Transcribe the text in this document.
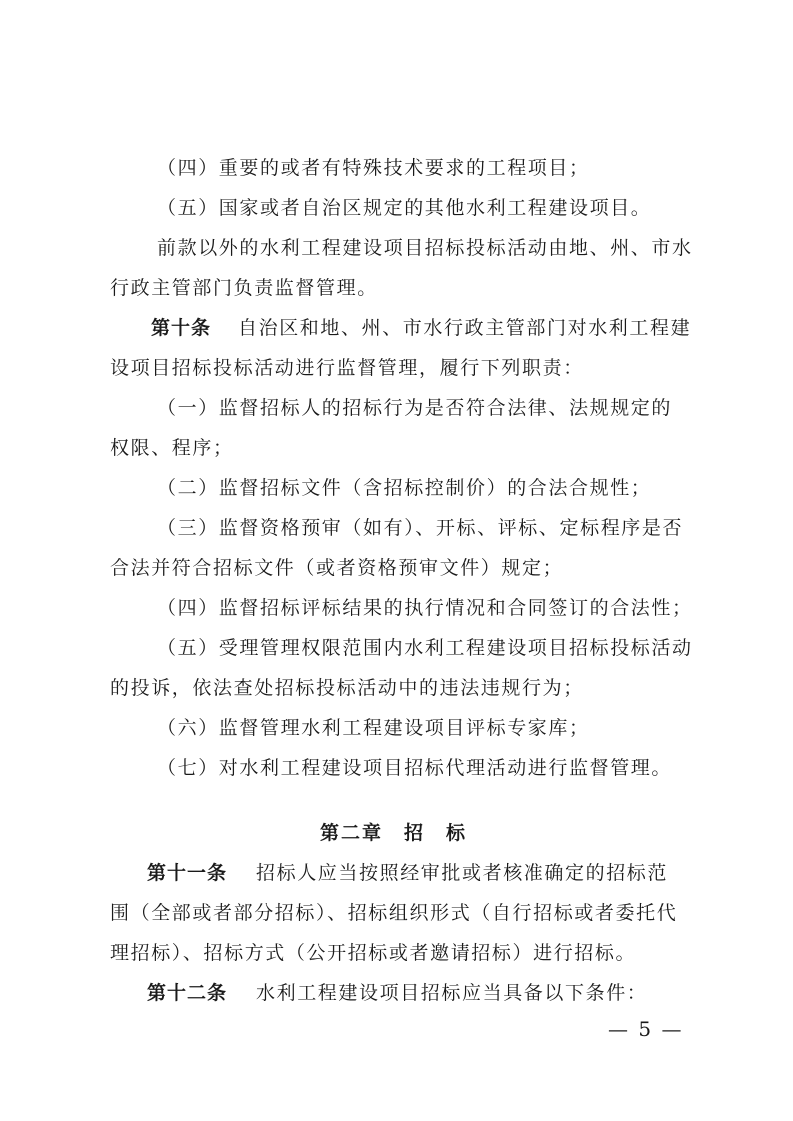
（四）重要的或者有特殊技术要求的工程项目；
（五）国家或者自治区规定的其他水利工程建设项目。
前款以外的水利工程建设项目招标投标活动由地、州、市水
行政主管部门负责监督管理。
第十条 自治区和地、州、市水行政主管部门对水利工程建
设项目招标投标活动进行监督管理，履行下列职责：
（一）监督招标人的招标行为是否符合法律、法规规定的
权限、程序；
（二）监督招标文件（含招标控制价）的合法合规性；
（三）监督资格预审（如有）、开标、评标、定标程序是否
合法并符合招标文件（或者资格预审文件）规定；
（四）监督招标评标结果的执行情况和合同签订的合法性；
（五）受理管理权限范围内水利工程建设项目招标投标活动
的投诉，依法查处招标投标活动中的违法违规行为；
（六）监督管理水利工程建设项目评标专家库；
（七）对水利工程建设项目招标代理活动进行监督管理。
第二章　招　标
第十一条 招标人应当按照经审批或者核准确定的招标范
围（全部或者部分招标）、招标组织形式（自行招标或者委托代
理招标）、招标方式（公开招标或者邀请招标）进行招标。
第十二条 水利工程建设项目招标应当具备以下条件：
— 5 —
